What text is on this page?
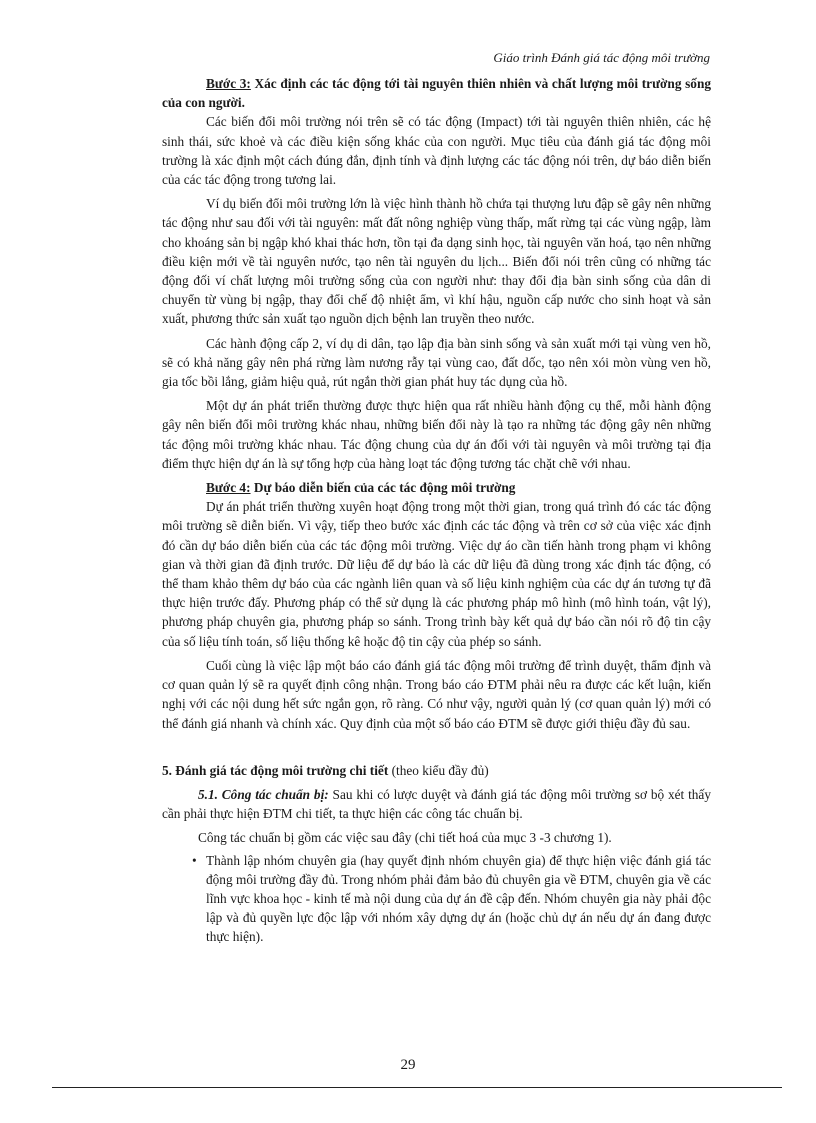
Giáo trình Đánh giá tác động môi trường

Bước 3: Xác định các tác động tới tài nguyên thiên nhiên và chất lượng môi trường sống của con người.

Các biến đổi môi trường nói trên sẽ có tác động (Impact) tới tài nguyên thiên nhiên, các hệ sinh thái, sức khoẻ và các điều kiện sống khác của con người. Mục tiêu của đánh giá tác động môi trường là xác định một cách đúng đắn, định tính và định lượng các tác động nói trên, dự báo diễn biến của các tác động trong tương lai.

Ví dụ biến đổi môi trường lớn là việc hình thành hồ chứa tại thượng lưu đập sẽ gây nên những tác động như sau đối với tài nguyên: mất đất nông nghiệp vùng thấp, mất rừng tại các vùng ngập, làm cho khoáng sản bị ngập khó khai thác hơn, tồn tại đa dạng sinh học, tài nguyên văn hoá, tạo nên những điều kiện mới về tài nguyên nước, tạo nên tài nguyên du lịch... Biến đổi nói trên cũng có những tác động đối ví chất lượng môi trường sống của con người như: thay đổi địa bàn sinh sống của dân di chuyển từ vùng bị ngập, thay đổi chế độ nhiệt ẩm, vì khí hậu, nguồn cấp nước cho sinh hoạt và sản xuất, phương thức sản xuất tạo nguồn dịch bệnh lan truyền theo nước.

Các hành động cấp 2, ví dụ di dân, tạo lập địa bàn sinh sống và sản xuất mới tại vùng ven hồ, sẽ có khả năng gây nên phá rừng làm nương rẫy tại vùng cao, đất dốc, tạo nên xói mòn vùng ven hồ, gia tốc bồi lắng, giảm hiệu quả, rút ngắn thời gian phát huy tác dụng của hồ.

Một dự án phát triển thường được thực hiện qua rất nhiều hành động cụ thể, mỗi hành động gây nên biến đổi môi trường khác nhau, những biến đổi này là tạo ra những tác động gây nên những tác động môi trường khác nhau. Tác động chung của dự án đối với tài nguyên và môi trường tại địa điểm thực hiện dự án là sự tổng hợp của hàng loạt tác động tương tác chặt chẽ với nhau.

Bước 4: Dự báo diễn biến của các tác động môi trường

Dự án phát triển thường xuyên hoạt động trong một thời gian, trong quá trình đó các tác động môi trường sẽ diễn biến. Vì vậy, tiếp theo bước xác định các tác động và trên cơ sở của việc xác định đó cần dự báo diễn biến của các tác động môi trường. Việc dự áo cần tiến hành trong phạm vi không gian và thời gian đã định trước. Dữ liệu để dự báo là các dữ liệu đã dùng trong xác định tác động, có thể tham khảo thêm dự báo của các ngành liên quan và số liệu kinh nghiệm của các dự án tương tự đã thực hiện trước đấy. Phương pháp có thể sử dụng là các phương pháp mô hình (mô hình toán, vật lý), phương pháp chuyên gia, phương pháp so sánh. Trong trình bày kết quả dự báo cần nói rõ độ tin cậy của số liệu tính toán, số liệu thống kê hoặc độ tin cậy của phép so sánh.

Cuối cùng là việc lập một báo cáo đánh giá tác động môi trường để trình duyệt, thẩm định và cơ quan quản lý sẽ ra quyết định công nhận. Trong báo cáo ĐTM phải nêu ra được các kết luận, kiến nghị với các nội dung hết sức ngắn gọn, rõ ràng. Có như vậy, người quản lý (cơ quan quản lý) mới có thể đánh giá nhanh và chính xác. Quy định của một số báo cáo ĐTM sẽ được giới thiệu đầy đủ sau.

5. Đánh giá tác động môi trường chi tiết (theo kiểu đầy đủ)

5.1. Công tác chuẩn bị: Sau khi có lược duyệt và đánh giá tác động môi trường sơ bộ xét thấy cần phải thực hiện ĐTM chi tiết, ta thực hiện các công tác chuẩn bị.

Công tác chuẩn bị gồm các việc sau đây (chi tiết hoá của mục 3 -3 chương 1).

• Thành lập nhóm chuyên gia (hay quyết định nhóm chuyên gia) để thực hiện việc đánh giá tác động môi trường đầy đủ. Trong nhóm phải đảm bảo đủ chuyên gia về ĐTM, chuyên gia về các lĩnh vực khoa học - kinh tế mà nội dung của dự án đề cập đến. Nhóm chuyên gia này phải độc lập và đủ quyền lực độc lập với nhóm xây dựng dự án (hoặc chủ dự án nếu dự án đang được thực hiện).
29
